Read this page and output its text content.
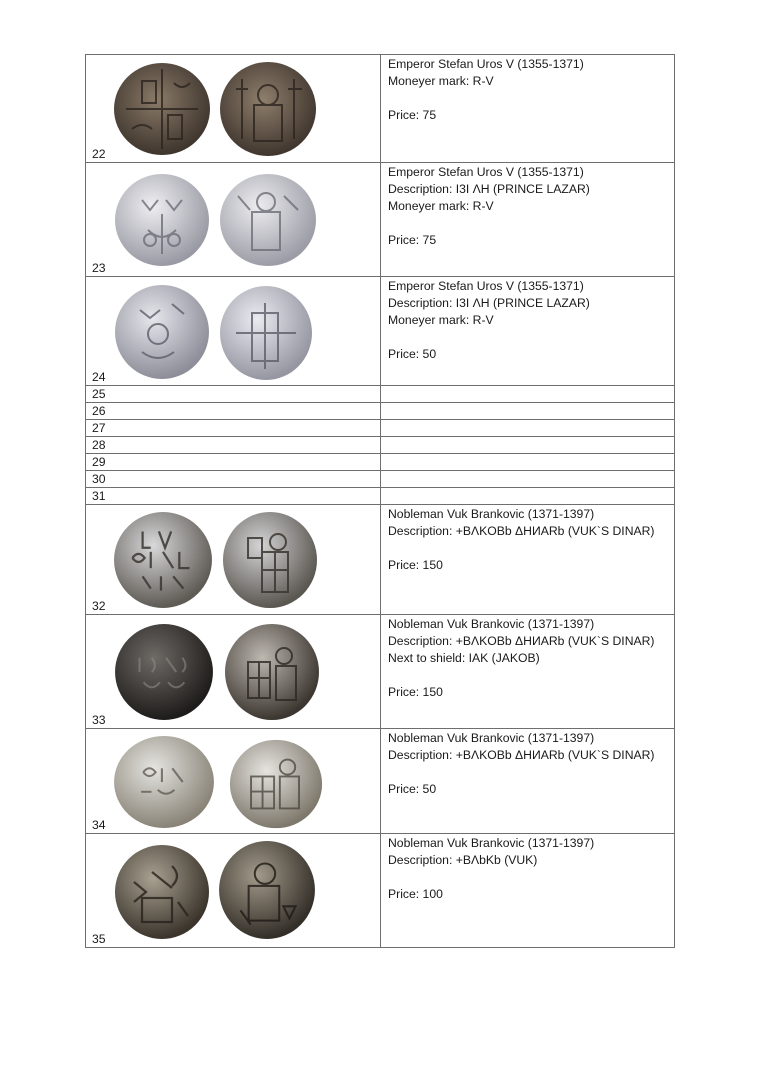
22	Emperor Stefan Uros V (1355-1371)
Moneyer mark: R-V
Price: 75

23	Emperor Stefan Uros V (1355-1371)
Description: I3I ΛH (PRINCE LAZAR)
Moneyer mark: R-V
Price: 75

24	Emperor Stefan Uros V (1355-1371)
Description: I3I ΛH (PRINCE LAZAR)
Moneyer mark: R-V
Price: 50

25	
26	
27	
28	
29	
30	
31	

32	Nobleman Vuk Brankovic (1371-1397)
Description: +BΛKOBb ΔHИARb (VUK`S DINAR)
Price: 150

33	Nobleman Vuk Brankovic (1371-1397)
Description: +BΛKOBb ΔHИARb (VUK`S DINAR)
Next to shield: IAK (JAKOB)
Price: 150

34	Nobleman Vuk Brankovic (1371-1397)
Description: +BΛKOBb ΔHИARb (VUK`S DINAR)
Price: 50

35	Nobleman Vuk Brankovic (1371-1397)
Description: +BΛbKb (VUK)
Price: 100
